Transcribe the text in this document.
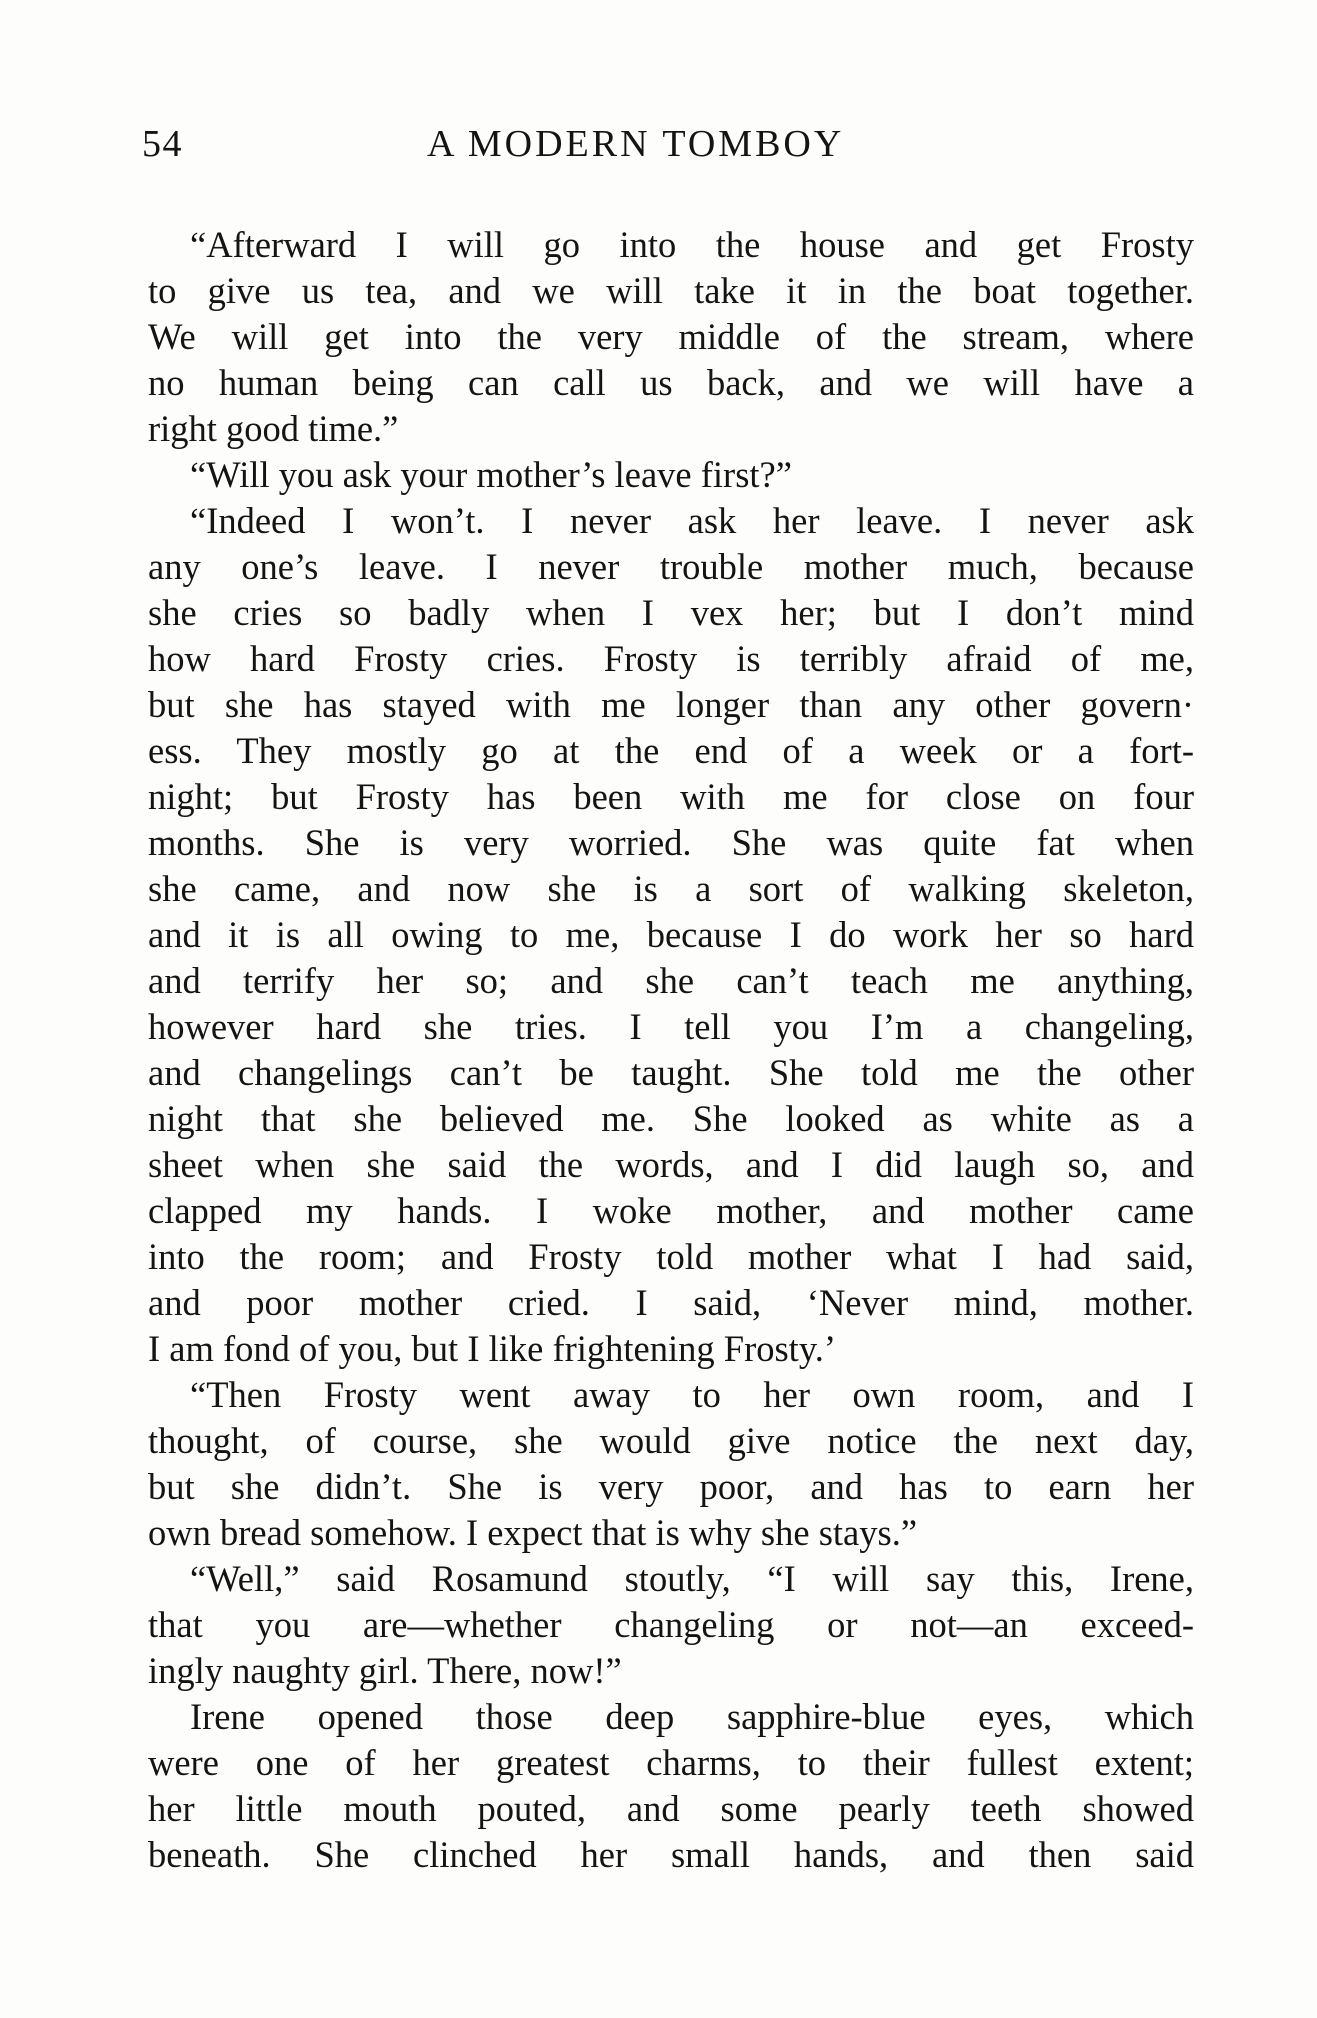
54	A MODERN TOMBOY
“Afterward I will go into the house and get Frosty
to give us tea, and we will take it in the boat together.
We will get into the very middle of the stream, where
no human being can call us back, and we will have a
right good time.”
“Will you ask your mother’s leave first?”
“Indeed I won’t. I never ask her leave. I never ask
any one’s leave. I never trouble mother much, because
she cries so badly when I vex her; but I don’t mind
how hard Frosty cries. Frosty is terribly afraid of me,
but she has stayed with me longer than any other govern·
ess. They mostly go at the end of a week or a fort-
night; but Frosty has been with me for close on four
months. She is very worried. She was quite fat when
she came, and now she is a sort of walking skeleton,
and it is all owing to me, because I do work her so hard
and terrify her so; and she can’t teach me anything,
however hard she tries. I tell you I’m a changeling,
and changelings can’t be taught. She told me the other
night that she believed me. She looked as white as a
sheet when she said the words, and I did laugh so, and
clapped my hands. I woke mother, and mother came
into the room; and Frosty told mother what I had said,
and poor mother cried. I said, ‘Never mind, mother.
I am fond of you, but I like frightening Frosty.’
“Then Frosty went away to her own room, and I
thought, of course, she would give notice the next day,
but she didn’t. She is very poor, and has to earn her
own bread somehow. I expect that is why she stays.”
“Well,” said Rosamund stoutly, “I will say this, Irene,
that you are—whether changeling or not—an exceed-
ingly naughty girl. There, now!”
Irene opened those deep sapphire-blue eyes, which
were one of her greatest charms, to their fullest extent;
her little mouth pouted, and some pearly teeth showed
beneath. She clinched her small hands, and then said
